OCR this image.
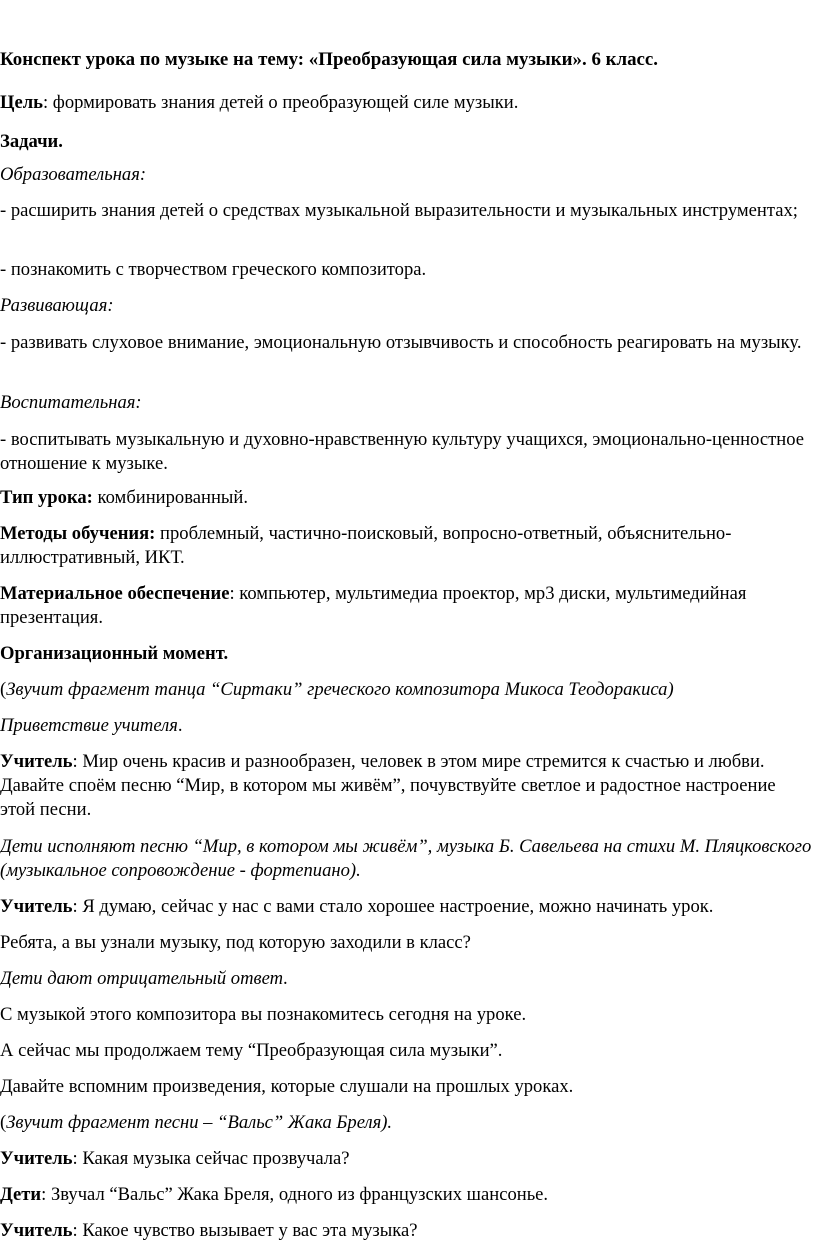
Конспект урока по музыке на тему: «Преобразующая сила музыки». 6 класс.

Цель: формировать знания детей о преобразующей силе музыки.

Задачи.

Образовательная:

- расширить знания детей о средствах музыкальной выразительности и музыкальных инструментах;

- познакомить с творчеством греческого композитора.

Развивающая:

- развивать слуховое внимание, эмоциональную отзывчивость и способность реагировать на музыку.

Воспитательная:

- воспитывать музыкальную и духовно-нравственную культуру учащихся, эмоционально-ценностное отношение к музыке.

Тип урока: комбинированный.

Методы обучения: проблемный, частично-поисковый, вопросно-ответный, объяснительно-иллюстративный, ИКТ.

Материальное обеспечение: компьютер, мультимедиа проектор, мр3 диски, мультимедийная презентация.

Организационный момент.

(Звучит фрагмент танца “Сиртаки” греческого композитора Микоса Теодоракиса)

Приветствие учителя.

Учитель: Мир очень красив и разнообразен, человек в этом мире стремится к счастью и любви. Давайте споём песню “Мир, в котором мы живём”, почувствуйте светлое и радостное настроение этой песни.

Дети исполняют песню “Мир, в котором мы живём”, музыка Б. Савельева на стихи М. Пляцковского (музыкальное сопровождение - фортепиано).

Учитель: Я думаю, сейчас у нас с вами стало хорошее настроение, можно начинать урок.

Ребята, а вы узнали музыку, под которую заходили в класс?

Дети дают отрицательный ответ.

С музыкой этого композитора вы познакомитесь сегодня на уроке.

А сейчас мы продолжаем тему “Преобразующая сила музыки”.

Давайте вспомним произведения, которые слушали на прошлых уроках.

(Звучит фрагмент песни – “Вальс” Жака Бреля).

Учитель: Какая музыка сейчас прозвучала?

Дети: Звучал “Вальс” Жака Бреля, одного из французских шансонье.

Учитель: Какое чувство вызывает у вас эта музыка?
